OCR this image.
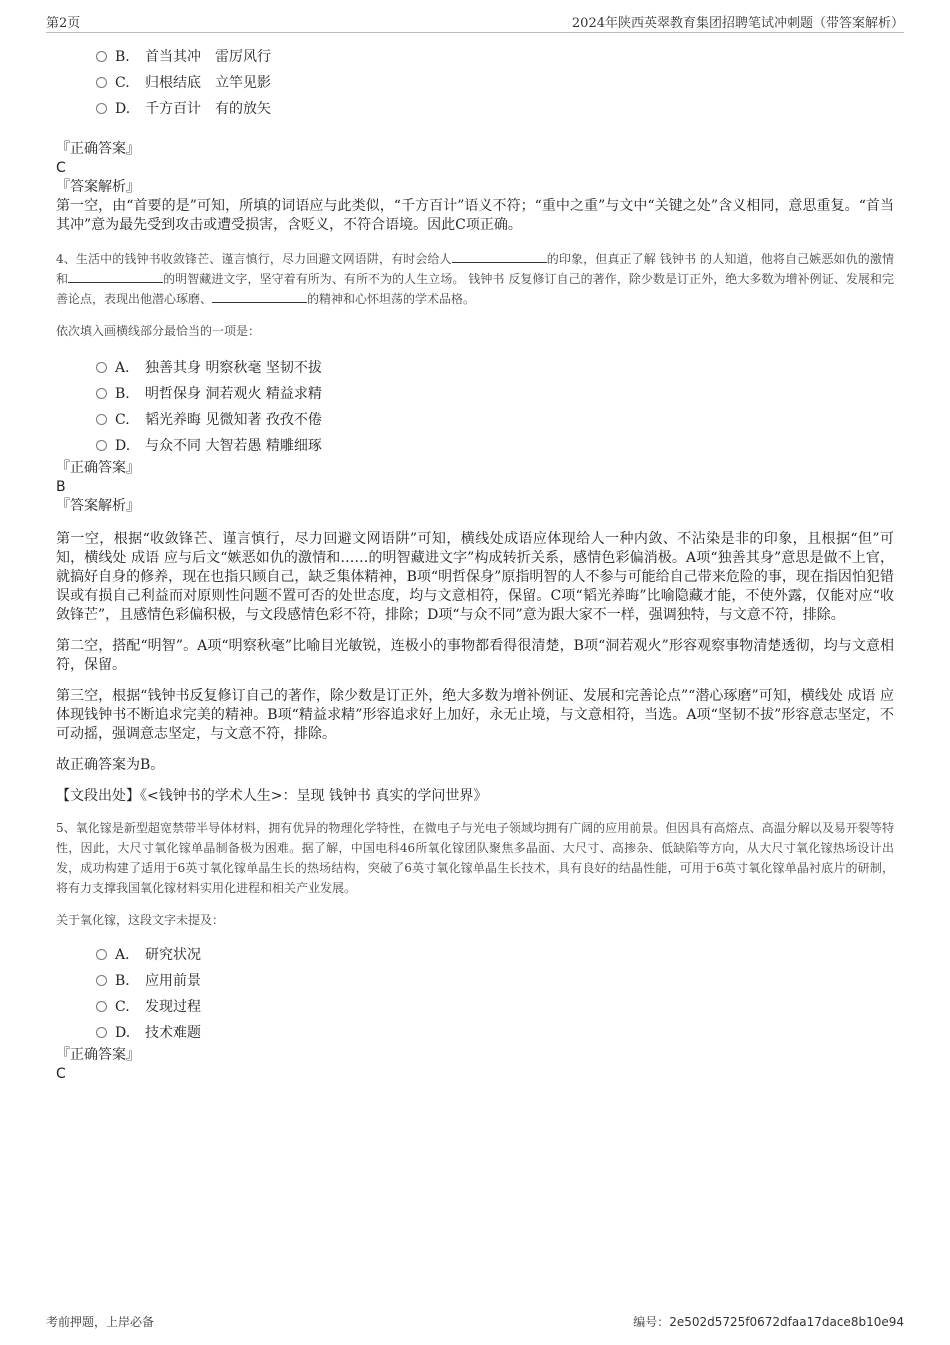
第2页	2024年陕西英翠教育集团招聘笔试冲刺题（带答案解析）
B. 首当其冲　雷厉风行
C. 归根结底　立竿见影
D. 千方百计　有的放矢
『正确答案』
C
『答案解析』
第一空，由“首要的是”可知，所填的词语应与此类似，“千方百计”语义不符；“重中之重”与文中“关键之处”含义相同，意思重复。“首当其冲”意为最先受到攻击或遭受损害，含贬义，不符合语境。因此C项正确。

4、生活中的钱钟书收敛锋芒、谨言慎行，尽力回避文网语阱，有时会给人	的印象，但真正了解 钱钟书 的人知道，他将自己嫉恶如仇的激情和	的明智藏进文字，坚守着有所为、有所不为的人生立场。 钱钟书 反复修订自己的著作，除少数是订正外，绝大多数为增补例证、发展和完善论点，表现出他潜心琢磨、	的精神和心怀坦荡的学术品格。

依次填入画横线部分最恰当的一项是：

A． 独善其身 明察秋毫 坚韧不拔
B. 明哲保身 洞若观火 精益求精
C. 韬光养晦 见微知著 孜孜不倦
D. 与众不同 大智若愚 精雕细琢
『正确答案』
B
『答案解析』

第一空，根据“收敛锋芒、谨言慎行，尽力回避文网语阱”可知，横线处成语应体现给人一种内敛、不沾染是非的印象，且根据“但”可知，横线处 成语 应与后文“嫉恶如仇的激情和……的明智藏进文字”构成转折关系，感情色彩偏消极。A项“独善其身”意思是做不上官，就搞好自身的修养，现在也指只顾自己，缺乏集体精神，B项“明哲保身”原指明智的人不参与可能给自己带来危险的事，现在指因怕犯错误或有损自己利益而对原则性问题不置可否的处世态度，均与文意相符，保留。C项“韬光养晦”比喻隐藏才能，不使外露，仅能对应“收敛锋芒”，且感情色彩偏积极，与文段感情色彩不符，排除；D项“与众不同”意为跟大家不一样，强调独特，与文意不符，排除。

第二空，搭配“明智”。A项“明察秋毫”比喻目光敏锐，连极小的事物都看得很清楚，B项“洞若观火”形容观察事物清楚透彻，均与文意相符，保留。

第三空，根据“钱钟书反复修订自己的著作，除少数是订正外，绝大多数为增补例证、发展和完善论点”“潜心琢磨”可知，横线处 成语 应体现钱钟书不断追求完美的精神。B项“精益求精”形容追求好上加好，永无止境，与文意相符，当选。A项“坚韧不拔”形容意志坚定，不可动摇，强调意志坚定，与文意不符，排除。

故正确答案为B。

【文段出处】《<钱钟书的学术人生>：呈现 钱钟书 真实的学问世界》

5、氧化镓是新型超宽禁带半导体材料，拥有优异的物理化学特性，在微电子与光电子领域均拥有广阔的应用前景。但因具有高熔点、高温分解以及易开裂等特性，因此，大尺寸氧化镓单晶制备极为困难。据了解，中国电科46所氧化镓团队聚焦多晶面、大尺寸、高掺杂、低缺陷等方向，从大尺寸氧化镓热场设计出发，成功构建了适用于6英寸氧化镓单晶生长的热场结构，突破了6英寸氧化镓单晶生长技术，具有良好的结晶性能，可用于6英寸氧化镓单晶衬底片的研制，将有力支撑我国氧化镓材料实用化进程和相关产业发展。

关于氧化镓，这段文字未提及：

A． 研究状况
B. 应用前景
C. 发现过程
D. 技术难题
『正确答案』
C
考前押题，上岸必备	编号：2e502d5725f0672dfaa17dace8b10e94
